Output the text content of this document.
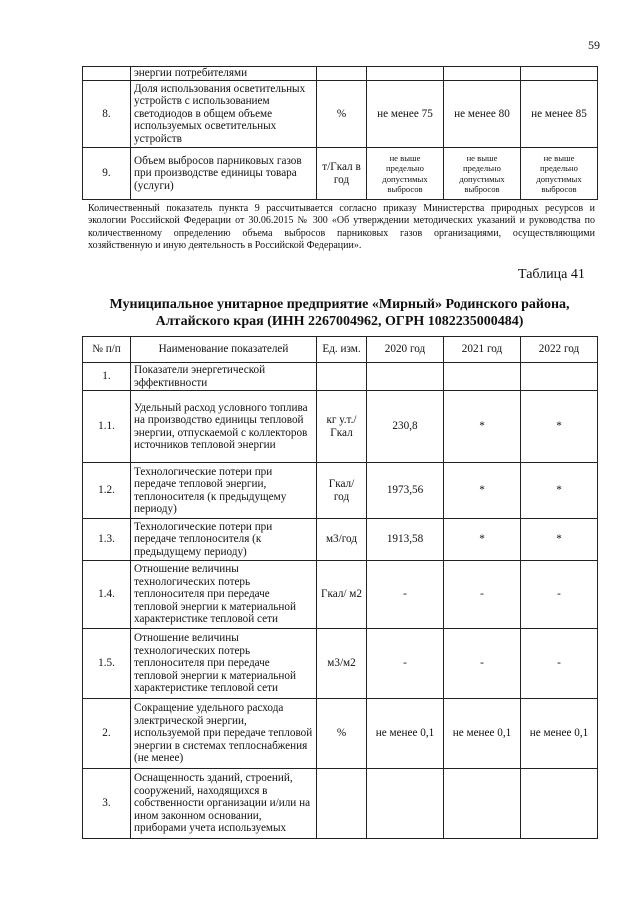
59
	энергии потребителями				
8.	Доля использования осветительных устройств с использованием светодиодов в общем объеме используемых осветительных устройств	%	не менее 75	не менее 80	не менее 85
9.	Объем выбросов парниковых газов при производстве единицы товара (услуги)	т/Гкал в год	не выше предельно допустимых выбросов	не выше предельно допустимых выбросов	не выше предельно допустимых выбросов
Количественный показатель пункта 9 рассчитывается согласно приказу Министерства природных ресурсов и экологии Российской Федерации от 30.06.2015 № 300 «Об утверждении методических указаний и руководства по количественному определению объема выбросов парниковых газов организациями, осуществляющими хозяйственную и иную деятельность в Российской Федерации».
Таблица 41
Муниципальное унитарное предприятие «Мирный» Родинского района,
Алтайского края (ИНН 2267004962, ОГРН 1082235000484)
№ п/п	Наименование показателей	Ед. изм.	2020 год	2021 год	2022 год
1.	Показатели энергетической эффективности				
1.1.	Удельный расход условного топлива на производство единицы тепловой энергии, отпускаемой с коллекторов источников тепловой энергии	кг у.т./ Гкал	230,8	*	*
1.2.	Технологические потери при передаче тепловой энергии, теплоносителя (к предыдущему периоду)	Гкал/ год	1973,56	*	*
1.3.	Технологические потери при передаче теплоносителя (к предыдущему периоду)	м3/год	1913,58	*	*
1.4.	Отношение величины технологических потерь теплоносителя при передаче тепловой энергии к материальной характеристике тепловой сети	Гкал/ м2	-	-	-
1.5.	Отношение величины технологических потерь теплоносителя при передаче тепловой энергии к материальной характеристике тепловой сети	м3/м2	-	-	-
2.	Сокращение удельного расхода электрической энергии, используемой при передаче тепловой энергии в системах теплоснабжения (не менее)	%	не менее 0,1	не менее 0,1	не менее 0,1
3.	Оснащенность зданий, строений, сооружений, находящихся в собственности организации и/или на ином законном основании, приборами учета используемых				
